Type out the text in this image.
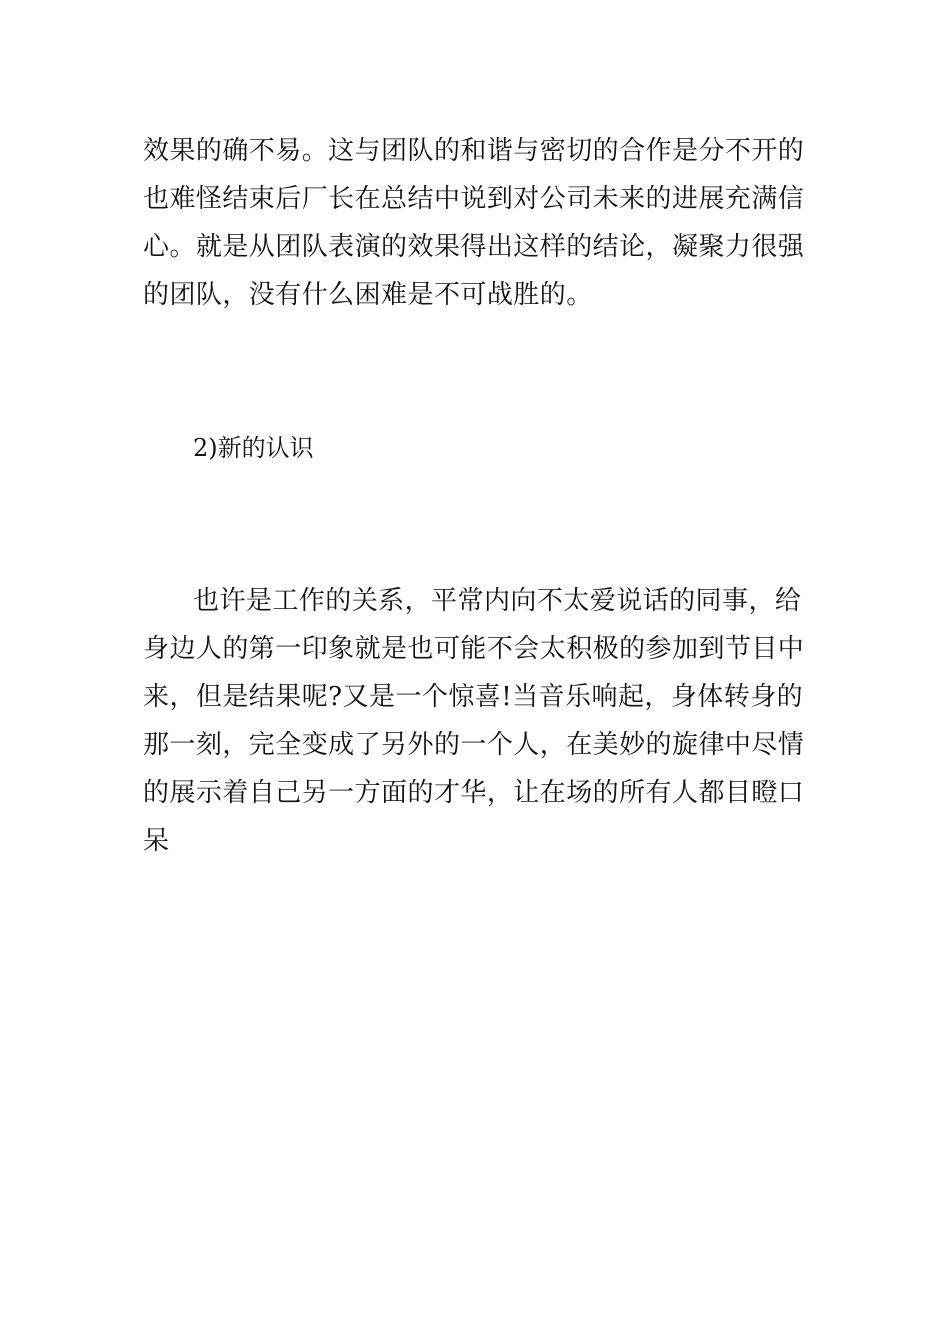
效果的确不易。这与团队的和谐与密切的合作是分不开的

也难怪结束后厂长在总结中说到对公司未来的进展充满信

心。就是从团队表演的效果得出这样的结论，凝聚力很强

的团队，没有什么困难是不可战胜的。

2)新的认识

也许是工作的关系，平常内向不太爱说话的同事，给

身边人的第一印象就是也可能不会太积极的参加到节目中

来，但是结果呢?又是一个惊喜!当音乐响起，身体转身的

那一刻，完全变成了另外的一个人，在美妙的旋律中尽情

的展示着自己另一方面的才华，让在场的所有人都目瞪口

呆
